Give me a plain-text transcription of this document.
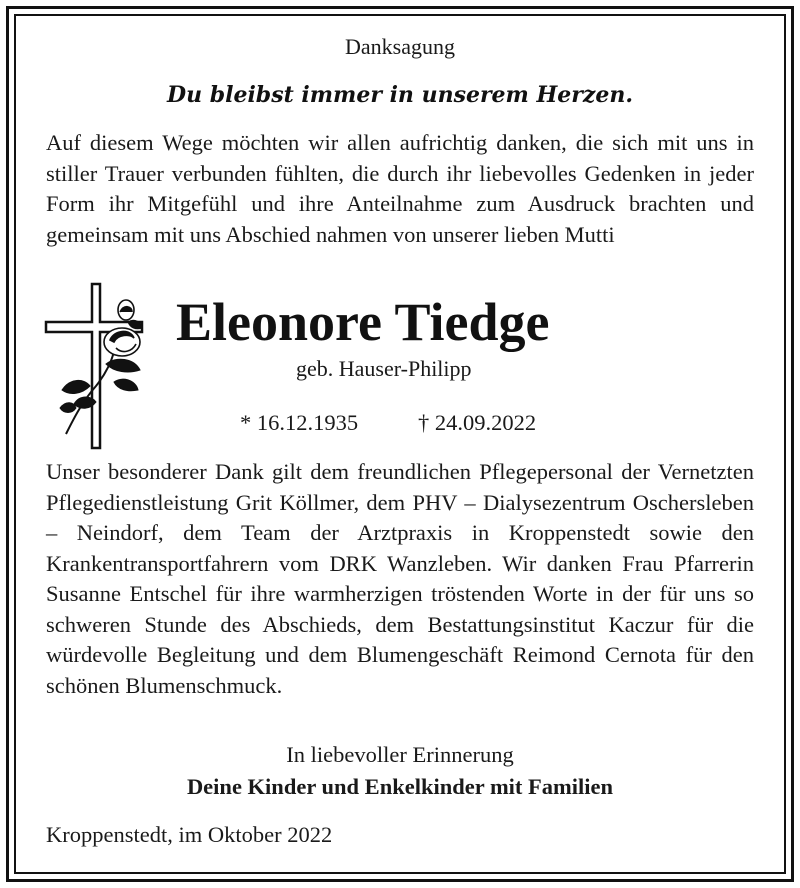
Danksagung
Du bleibst immer in unserem Herzen.
Auf diesem Wege möchten wir allen aufrichtig danken, die sich mit uns in stiller Trauer verbunden fühlten, die durch ihr liebevolles Gedenken in jeder Form ihr Mitgefühl und ihre Anteilnahme zum Ausdruck brachten und gemeinsam mit uns Abschied nahmen von unserer lieben Mutti
Eleonore Tiedge
geb. Hauser-Philipp
* 16.12.1935	† 24.09.2022
Unser besonderer Dank gilt dem freundlichen Pflegepersonal der Vernetzten Pflegedienstleistung Grit Köllmer, dem PHV – Dialysezentrum Oschersleben – Neindorf, dem Team der Arztpraxis in Kroppenstedt sowie den Krankentransportfahrern vom DRK Wanzleben. Wir danken Frau Pfarrerin Susanne Entschel für ihre warmherzigen tröstenden Worte in der für uns so schweren Stunde des Abschieds, dem Bestattungsinstitut Kaczur für die würdevolle Begleitung und dem Blumengeschäft Reimond Cernota für den schönen Blumenschmuck.
In liebevoller Erinnerung
Deine Kinder und Enkelkinder mit Familien
Kroppenstedt, im Oktober 2022
